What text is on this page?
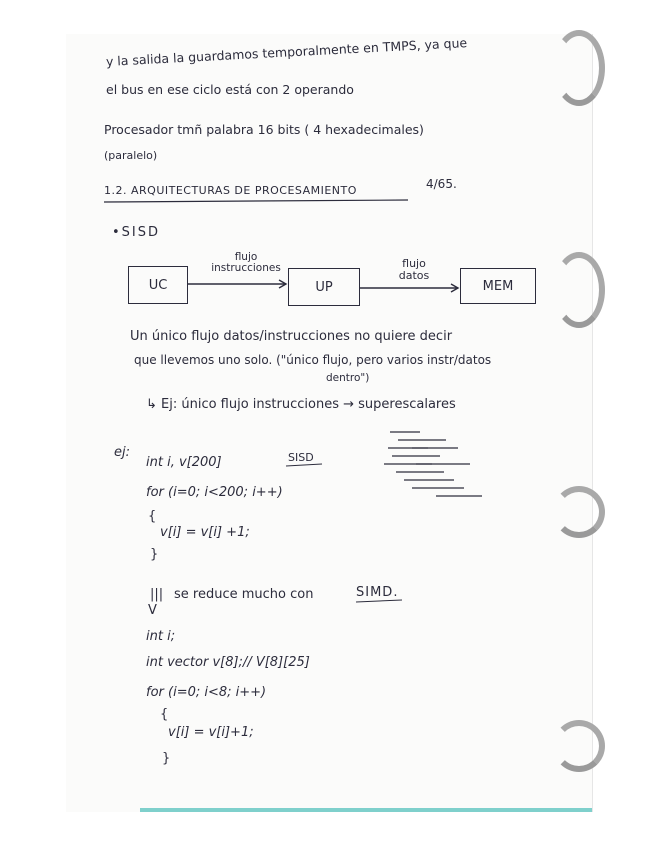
y la salida la guardamos temporalmente en TMPS, ya que
el bus en ese ciclo está con 2 operando
Procesador tmñ palabra 16 bits ( 4 hexadecimales)
(paralelo)
1.2. ARQUITECTURAS DE PROCESAMIENTO	4/65.
•SISD
UC	UP	MEM
flujo instrucciones	flujo datos
Un único flujo datos/instrucciones no quiere decir
que llevemos uno solo. ("único flujo, pero varios instr/datos
dentro")
↳ Ej: único flujo instrucciones → superescalares
ej:
int i, v[200]	SISD
for (i=0; i<200; i++)
{
v[i] = v[i] +1;
}
|||
V
se reduce mucho con	SIMD.
int i;
int vector v[8];// V[8][25]
for (i=0; i<8; i++)
{
v[i] = v[i]+1;
}
